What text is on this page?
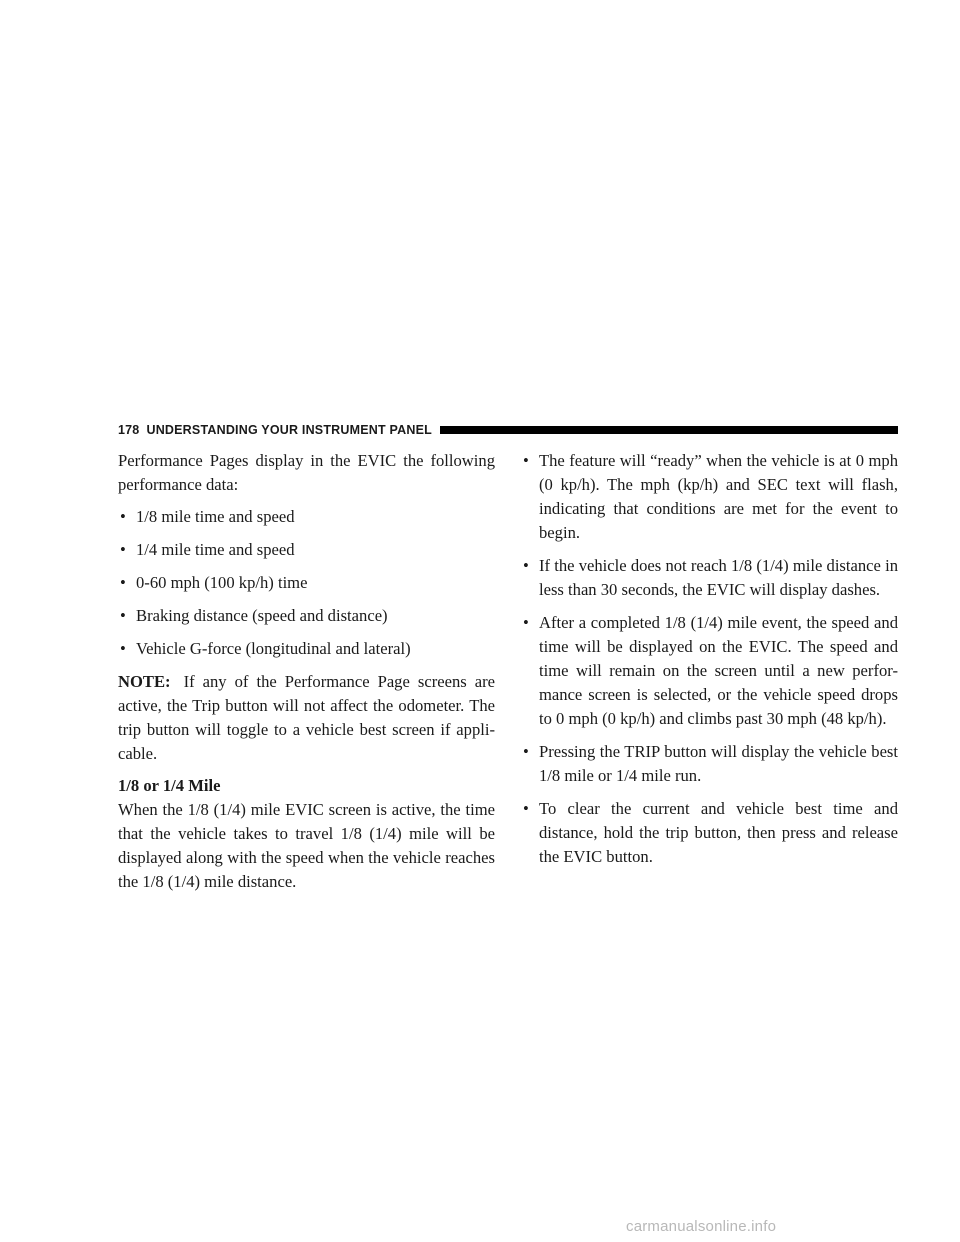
178 UNDERSTANDING YOUR INSTRUMENT PANEL

Performance Pages display in the EVIC the following performance data:

• 1/8 mile time and speed
• 1/4 mile time and speed
• 0-60 mph (100 kp/h) time
• Braking distance (speed and distance)
• Vehicle G-force (longitudinal and lateral)

NOTE: If any of the Performance Page screens are active, the Trip button will not affect the odometer. The trip button will toggle to a vehicle best screen if appli-cable.

1/8 or 1/4 Mile

When the 1/8 (1/4) mile EVIC screen is active, the time that the vehicle takes to travel 1/8 (1/4) mile will be displayed along with the speed when the vehicle reaches the 1/8 (1/4) mile distance.

• The feature will “ready” when the vehicle is at 0 mph (0 kp/h). The mph (kp/h) and SEC text will flash, indicating that conditions are met for the event to begin.
• If the vehicle does not reach 1/8 (1/4) mile distance in less than 30 seconds, the EVIC will display dashes.
• After a completed 1/8 (1/4) mile event, the speed and time will be displayed on the EVIC. The speed and time will remain on the screen until a new perfor-mance screen is selected, or the vehicle speed drops to 0 mph (0 kp/h) and climbs past 30 mph (48 kp/h).
• Pressing the TRIP button will display the vehicle best 1/8 mile or 1/4 mile run.
• To clear the current and vehicle best time and distance, hold the trip button, then press and release the EVIC button.
carmanualsonline.info
